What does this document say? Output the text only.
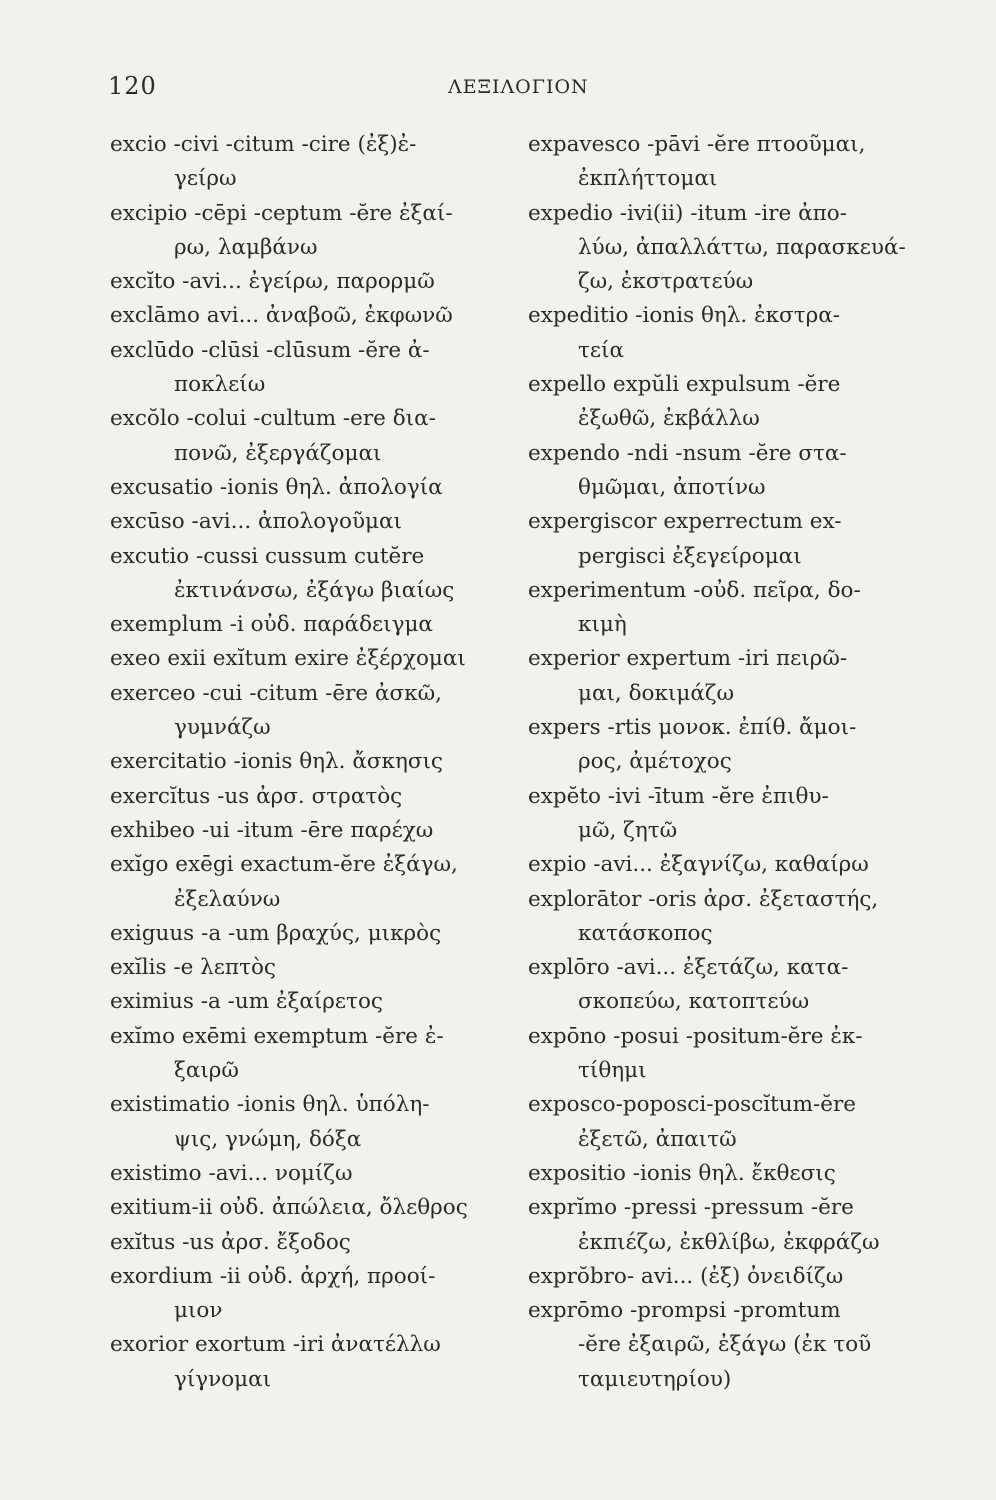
120	ΛΕΞΙΛΟΓΙΟΝ
excio -civi -citum -cire (ἐξ)ἐ-
γείρω
excipio -cēpi -ceptum -ĕre ἐξαί-
ρω, λαμβάνω
excĭto -avi... ἐγείρω, παρορμῶ
exclāmo avi... ἀναβοῶ, ἐκφωνῶ
exclūdo -clūsi -clūsum -ĕre ἀ-
ποκλείω
excŏlo -colui -cultum -ere δια-
πονῶ, ἐξεργάζομαι
excusatio -ionis θηλ. ἀπολογία
excūso -avi... ἀπολογοῦμαι
excutio -cussi cussum cutĕre
ἐκτινάνσω, ἐξάγω βιαίως
exemplum -i οὐδ. παράδειγμα
exeo exii exĭtum exire ἐξέρχομαι
exerceo -cui -citum -ēre ἀσκῶ,
γυμνάζω
exercitatio -ionis θηλ. ἄσκησις
exercĭtus -us ἀρσ. στρατὸς
exhibeo -ui -itum -ēre παρέχω
exĭgo exēgi exactum-ĕre ἐξάγω,
ἐξελαύνω
exiguus -a -um βραχύς, μικρὸς
exĭlis -e λεπτὸς
eximius -a -um ἐξαίρετος
exĭmo exēmi exemptum -ĕre ἐ-
ξαιρῶ
existimatio -ionis θηλ. ὑπόλη-
ψις, γνώμη, δόξα
existimo -avi... νομίζω
exitium-ii οὐδ. ἀπώλεια, ὄλεθρος
exĭtus -us ἀρσ. ἔξοδος
exordium -ii οὐδ. ἀρχή, προοί-
μιον
exorior exortum -iri ἀνατέλλω
γίγνομαι
expavesco -pāvi -ĕre πτοοῦμαι,
ἐκπλήττομαι
expedio -ivi(ii) -itum -ire ἀπο-
λύω, ἀπαλλάττω, παρασκευά-
ζω, ἐκστρατεύω
expeditio -ionis θηλ. ἐκστρα-
τεία
expello expŭli expulsum -ĕre
ἐξωθῶ, ἐκβάλλω
expendo -ndi -nsum -ĕre στα-
θμῶμαι, ἀποτίνω
expergiscor experrectum ex-
pergisci ἐξεγείρομαι
experimentum -οὐδ. πεῖρα, δο-
κιμὴ
experior expertum -iri πειρῶ-
μαι, δοκιμάζω
expers -rtis μονοκ. ἐπίθ. ἄμοι-
ρος, ἀμέτοχος
expĕto -ivi -ītum -ĕre ἐπιθυ-
μῶ, ζητῶ
expio -avi... ἐξαγνίζω, καθαίρω
explorātor -oris ἀρσ. ἐξεταστής,
κατάσκοπος
explōro -avi... ἐξετάζω, κατα-
σκοπεύω, κατοπτεύω
expōno -posui -positum-ĕre ἐκ-
τίθημι
exposco-poposci-poscĭtum-ĕre
ἐξετῶ, ἀπαιτῶ
expositio -ionis θηλ. ἔκθεσις
exprĭmo -pressi -pressum -ĕre
ἐκπιέζω, ἐκθλίβω, ἐκφράζω
exprŏbro- avi... (ἐξ) ὀνειδίζω
exprōmo -prompsi -promtum
-ĕre ἐξαιρῶ, ἐξάγω (ἐκ τοῦ
ταμιευτηρίου)
